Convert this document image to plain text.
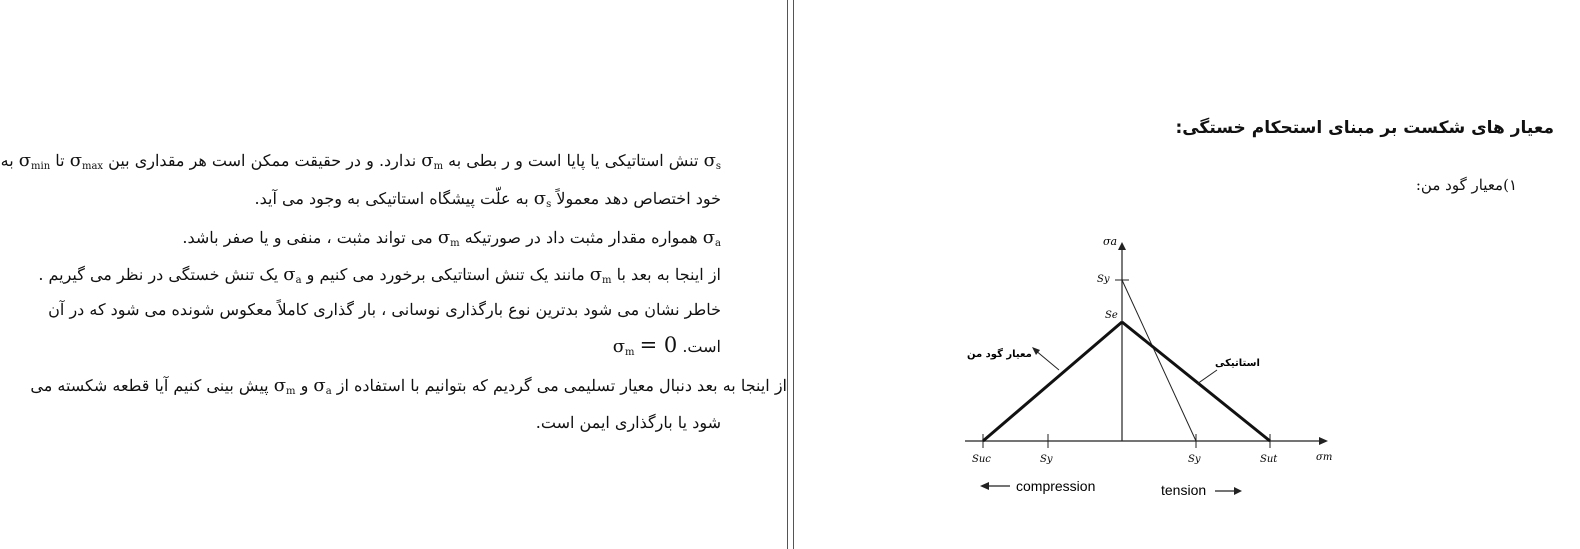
$\sigma_s$ تنش استاتیکی یا پایا است و ر بطی به $\sigma_m$ ندارد. و در حقیقت ممکن است هر مقداری بین $\sigma_{max}$ تا $\sigma_{min}$ به
خود اختصاص دهد معمولاً $\sigma_s$ به علّت پیشگاه استاتیکی به وجود می آید.
$\sigma_a$ همواره مقدار مثبت داد در صورتیکه $\sigma_m$ می تواند مثبت ، منفی و یا صفر باشد.
از اینجا به بعد با $\sigma_m$ مانند یک تنش استاتیکی برخورد می کنیم و $\sigma_a$ یک تنش خستگی در نظر می گیریم .
خاطر نشان می شود بدترین نوع بارگذاری نوسانی ، بار گذاری کاملاً معکوس شونده می شود که در آن
است. $\sigma_m = 0$
از اینجا به بعد دنبال معیار تسلیمی می گردیم که بتوانیم با استفاده از $\sigma_a$ و $\sigma_m$ پیش بینی کنیم آیا قطعه شکسته می
شود یا بارگذاری ایمن است.
معیار های شکست بر مبنای استحکام خستگی:
۱)معیار گود من:
σa
Sy
Se
Suc	Sy	Sy	Sut	σm
معیار گود من
استاتیکی
compression	tension
